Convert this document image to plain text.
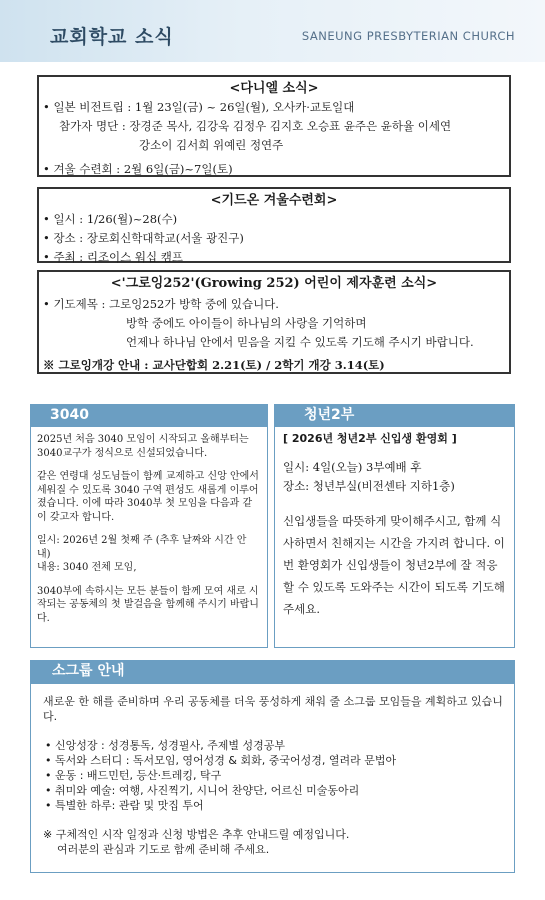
교회학교 소식	SANEUNG PRESBYTERIAN CHURCH
<다니엘 소식>
• 일본 비전트립 : 1월 23일(금) ~ 26일(월), 오사카·교토일대
참가자 명단 : 장경준 목사, 김강욱 김정우 김지호 오승표 윤주은 윤하율 이세연
강소이 김서희 위예린 정연주
• 겨울 수련회 : 2월 6일(금)~7일(토)
<기드온 겨울수련회>
• 일시 : 1/26(월)~28(수)
• 장소 : 장로회신학대학교(서울 광진구)
• 주최 : 리조이스 워십 캠프
<'그로잉252'(Growing 252) 어린이 제자훈련 소식>
• 기도제목 : 그로잉252가 방학 중에 있습니다.
방학 중에도 아이들이 하나님의 사랑을 기억하며
언제나 하나님 안에서 믿음을 지킬 수 있도록 기도해 주시기 바랍니다.
※ 그로잉개강 안내 : 교사단합회 2.21(토) / 2학기 개강 3.14(토)
3040

2025년 처음 3040 모임이 시작되고 올해부터는 3040교구가 정식으로 신설되었습니다.

같은 연령대 성도님들이 함께 교제하고 신앙 안에서 세워질 수 있도록 3040 구역 편성도 새롭게 이루어졌습니다. 이에 따라 3040부 첫 모임을 다음과 같이 갖고자 합니다.

일시: 2026년 2월 첫째 주 (추후 날짜와 시간 안내)

내용: 3040 전체 모임,

3040부에 속하시는 모든 분들이 함께 모여 새로 시작되는 공동체의 첫 발걸음을 함께해 주시기 바랍니다.

청년2부
[ 2026년 청년2부 신입생 환영회 ]
일시: 4일(오늘) 3부예배 후
장소: 청년부실(비전센타 지하1층)
신입생들을 따뜻하게 맞이해주시고, 함께 식사하면서 친해지는 시간을 가지려 합니다. 이번 환영회가 신입생들이 청년2부에 잘 적응할 수 있도록 도와주는 시간이 되도록 기도해 주세요.
소그룹 안내
새로운 한 해를 준비하며 우리 공동체를 더욱 풍성하게 채워 줄 소그룹 모임들을 계획하고 있습니다.
• 신앙성장 : 성경통독, 성경필사, 주제별 성경공부
• 독서와 스터디 : 독서모임, 영어성경 & 회화, 중국어성경, 열려라 문법아
• 운동 : 배드민턴, 등산·트레킹, 탁구
• 취미와 예술: 여행, 사진찍기, 시니어 찬양단, 어르신 미술동아리
• 특별한 하루: 관람 및 맛집 투어
※ 구체적인 시작 일정과 신청 방법은 추후 안내드릴 예정입니다.
여러분의 관심과 기도로 함께 준비해 주세요.
